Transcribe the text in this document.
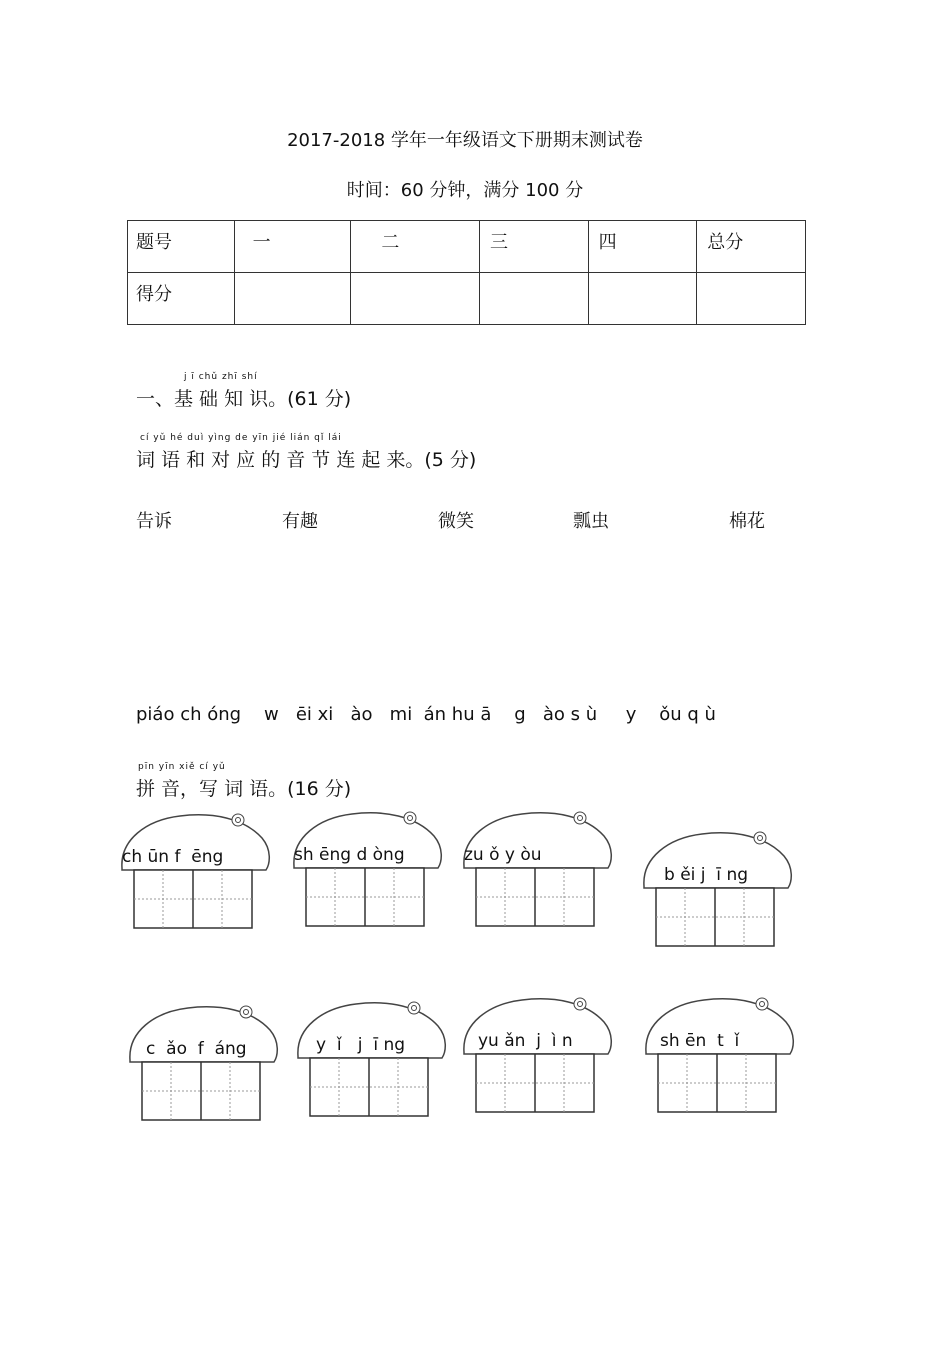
2017-2018 学年一年级语文下册期末测试卷
时间：60 分钟，满分 100 分
题号	一	二	三	四	总分
得分					
j ī chǔ zhī shí
一、基 础 知 识。(61 分)
cí yǔ hé duì yìng de yīn jié lián qǐ lái
词 语 和 对 应 的 音 节 连 起 来。(5 分)
告诉	有趣	微笑	瓢虫	棉花
piáo ch óng    w   ēi xi   ào   mi  án hu ā    g   ào s ù     y    ǒu q ù
pīn yīn xiě cí yǔ
拼 音，写 词 语。(16 分)
ch ūn f  ēng	sh ēng d òng	zu ǒ y òu
b ěi j  ī ng
c  ǎo  f  áng	y  ǐ   j  ī ng	yu ǎn  j  ì n	sh ēn  t  ǐ
